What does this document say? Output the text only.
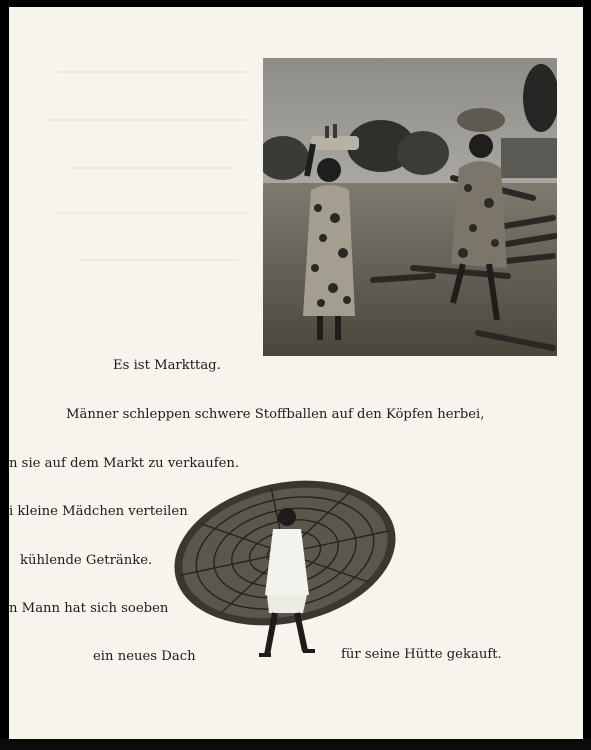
Es ist Markttag.
Männer schleppen schwere Stoffballen auf den Köpfen herbei,
n sie auf dem Markt zu verkaufen.
i kleine Mädchen verteilen
kühlende Getränke.
n Mann hat sich soeben
ein neues Dach	für seine Hütte gekauft.
